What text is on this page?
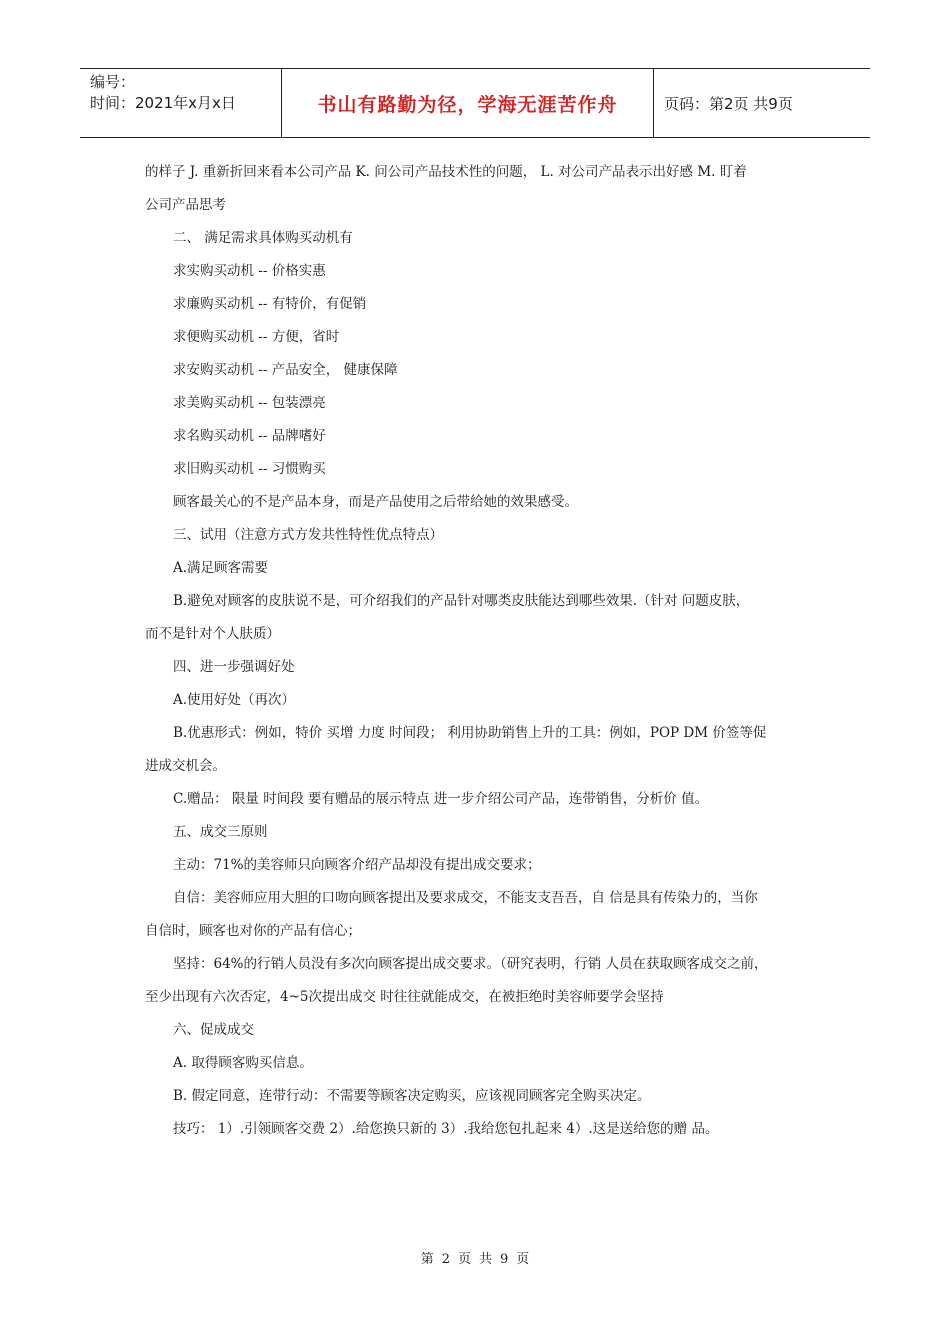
编号：
时间：2021年x月x日	书山有路勤为径，学海无涯苦作舟	页码：第2页 共9页
的样子 J. 重新折回来看本公司产品 K. 问公司产品技术性的问题， L. 对公司产品表示出好感 M. 盯着
公司产品思考
二、 满足需求具体购买动机有
求实购买动机 -- 价格实惠
求廉购买动机 -- 有特价，有促销
求便购买动机 -- 方便，省时
求安购买动机 -- 产品安全， 健康保障
求美购买动机 -- 包装漂亮
求名购买动机 -- 品牌嗜好
求旧购买动机 -- 习惯购买
顾客最关心的不是产品本身，而是产品使用之后带给她的效果感受。
三、试用（注意方式方发共性特性优点特点）
A.满足顾客需要
B.避免对顾客的皮肤说不是，可介绍我们的产品针对哪类皮肤能达到哪些效果.（针对 问题皮肤，
而不是针对个人肤质）
四、进一步强调好处
A.使用好处（再次）
B.优惠形式：例如，特价 买增 力度 时间段； 利用协助销售上升的工具：例如，POP DM 价签等促
进成交机会。
C.赠品： 限量 时间段 要有赠品的展示特点 进一步介绍公司产品，连带销售，分析价 值。
五、成交三原则
主动：71%的美容师只向顾客介绍产品却没有提出成交要求；
自信：美容师应用大胆的口吻向顾客提出及要求成交，不能支支吾吾，自 信是具有传染力的，当你
自信时，顾客也对你的产品有信心；
坚持：64%的行销人员没有多次向顾客提出成交要求。（研究表明，行销 人员在获取顾客成交之前，
至少出现有六次否定，4~5次提出成交 时往往就能成交，在被拒绝时美容师要学会坚持
六、促成成交
A. 取得顾客购买信息。
B. 假定同意，连带行动：不需要等顾客决定购买，应该视同顾客完全购买决定。
技巧： 1）.引领顾客交费 2）.给您换只新的 3）.我给您包扎起来 4）.这是送给您的赠 品。
第 2 页 共 9 页
